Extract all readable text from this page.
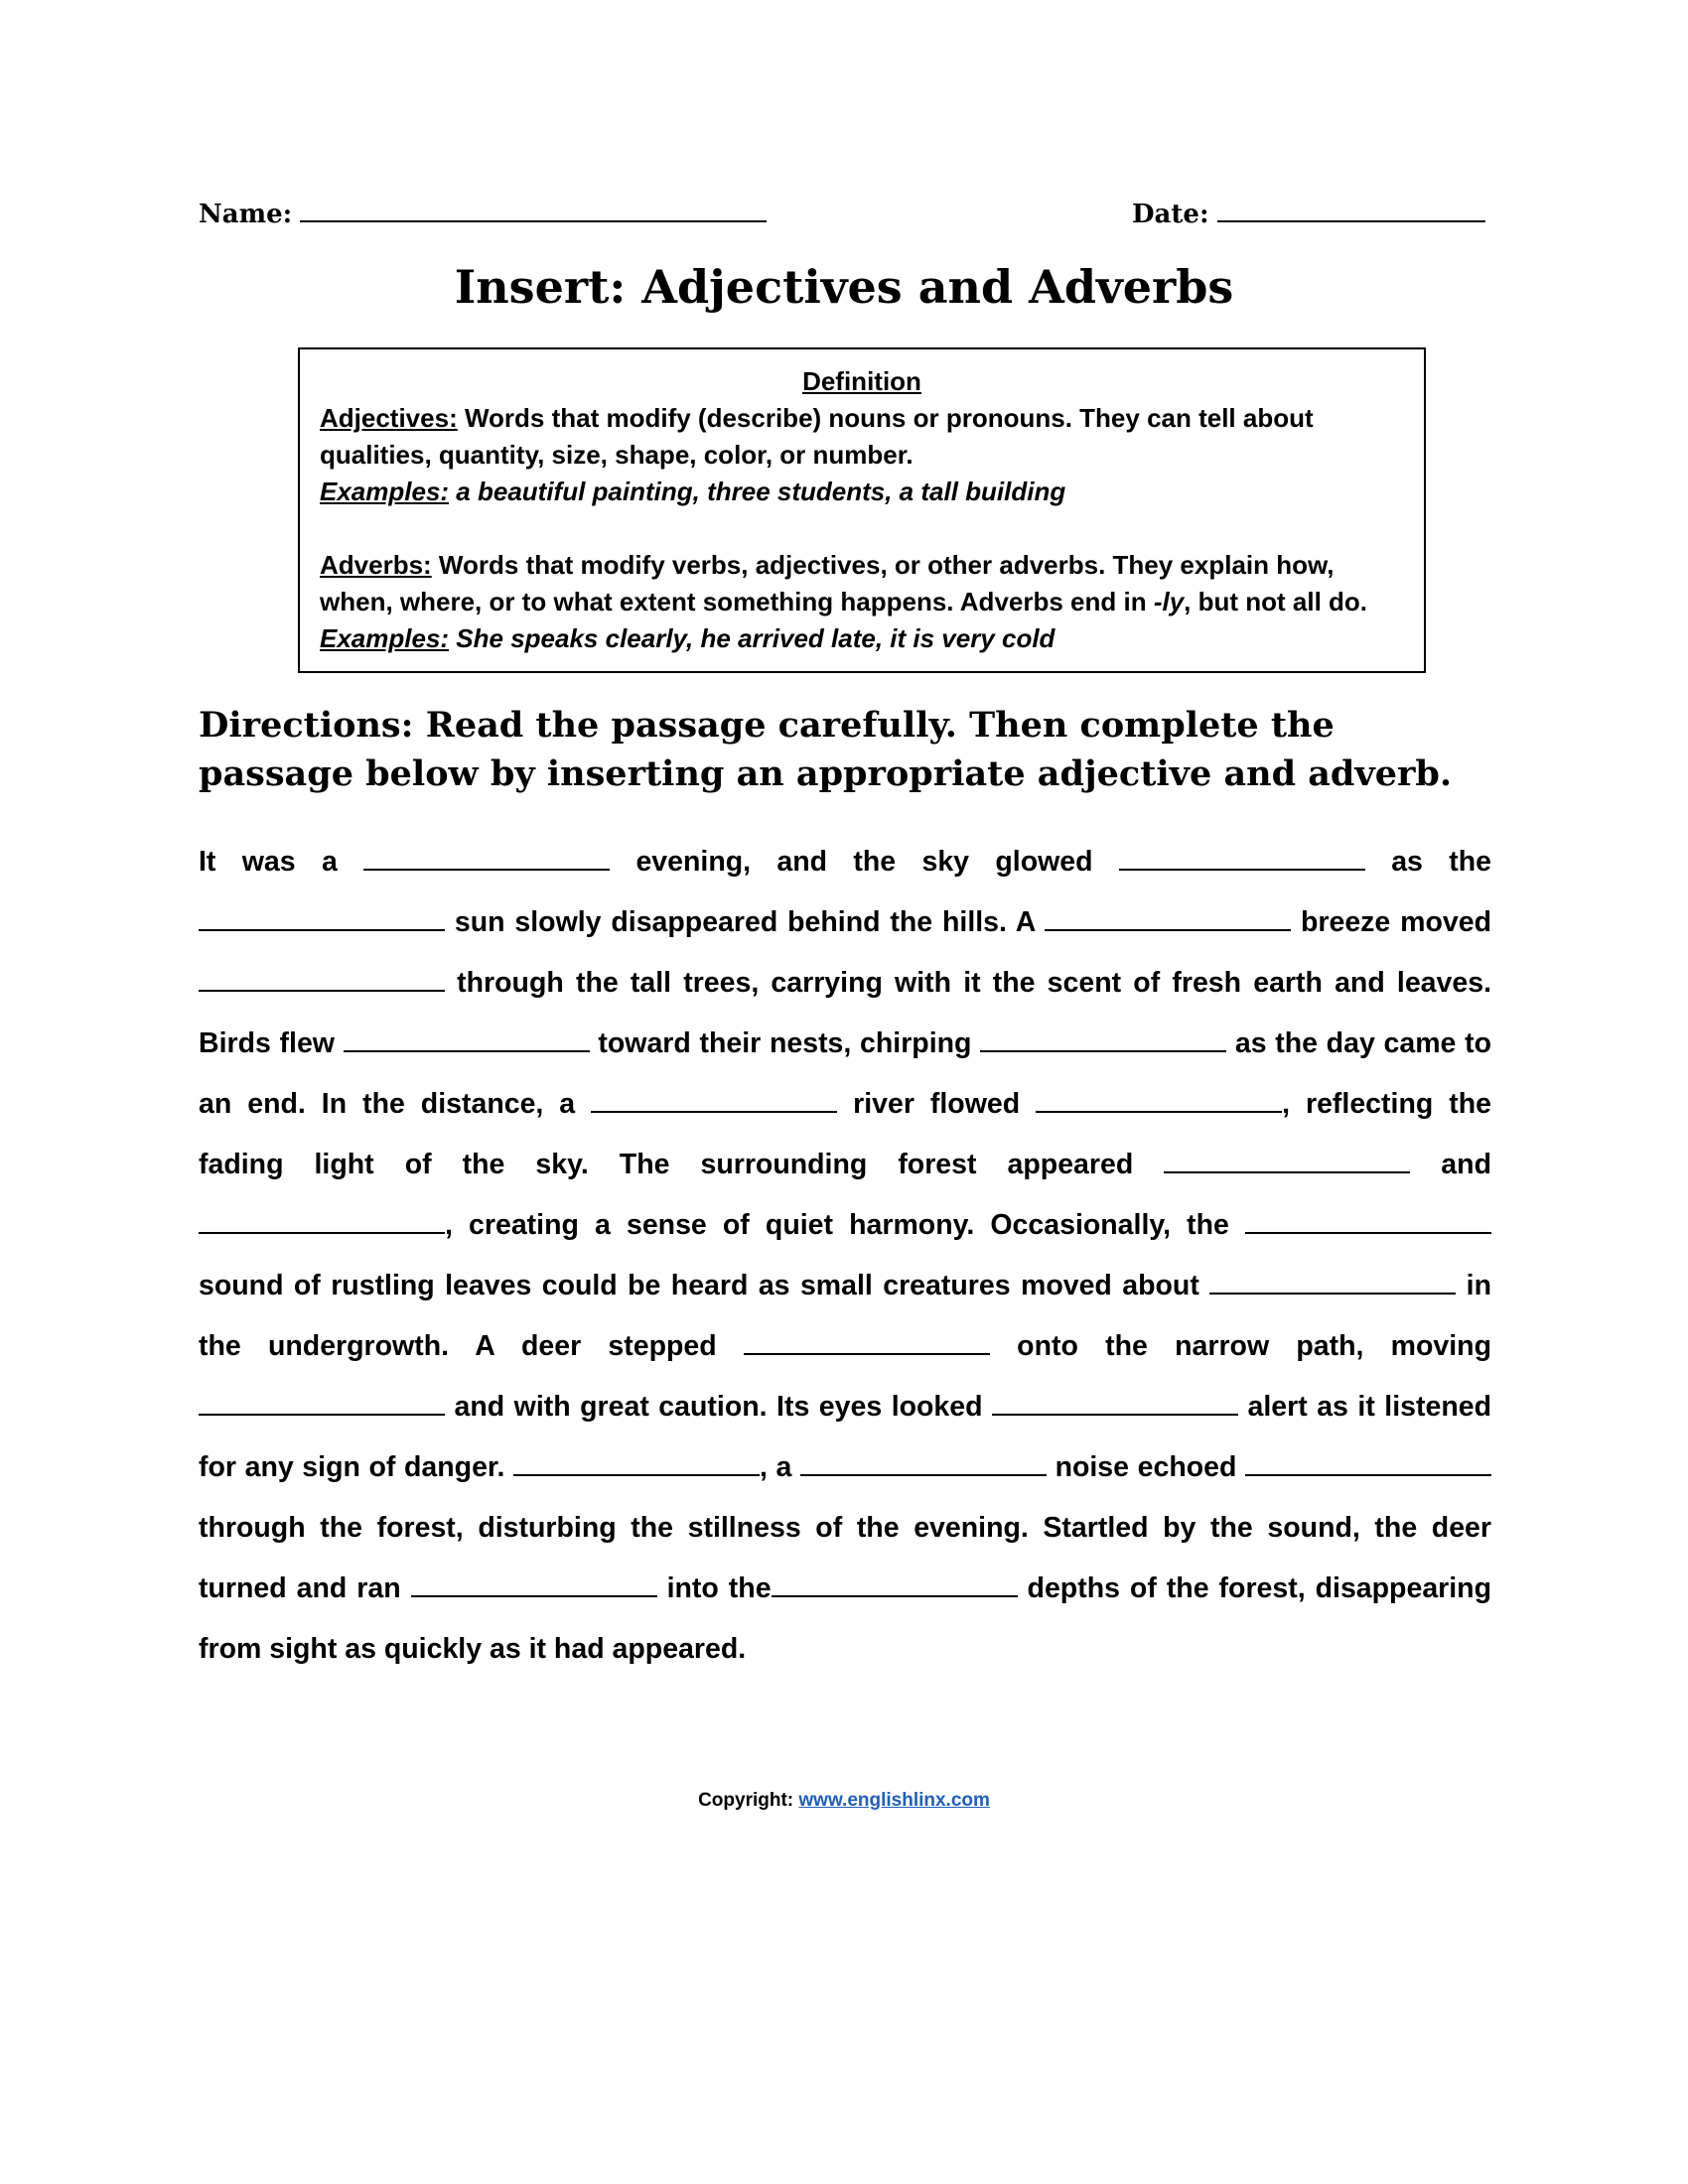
Name:	Date:
Insert: Adjectives and Adverbs
Definition
Adjectives: Words that modify (describe) nouns or pronouns. They can tell about qualities, quantity, size, shape, color, or number.
Examples: a beautiful painting, three students, a tall building
Adverbs: Words that modify verbs, adjectives, or other adverbs. They explain how, when, where, or to what extent something happens. Adverbs end in -ly, but not all do.
Examples: She speaks clearly, he arrived late, it is very cold
Directions: Read the passage carefully. Then complete the passage below by inserting an appropriate adjective and adverb.
It was a	evening, and the sky glowed	as the  sun slowly disappeared behind the hills. A	breeze moved  through the tall trees, carrying with it the scent of fresh earth and leaves. Birds flew	toward their nests, chirping	as the day came to an end. In the distance, a	river flowed	, reflecting the fading light of the sky. The surrounding forest appeared	and, creating a sense of quiet harmony. Occasionally, the  sound of rustling leaves could be heard as small creatures moved about	in the undergrowth. A deer stepped	onto the narrow path, moving  and with great caution. Its eyes looked	alert as it listened for any sign of danger.	, a	noise echoed  through the forest, disturbing the stillness of the evening. Startled by the sound, the deer turned and ran	into the	depths of the forest, disappearing from sight as quickly as it had appeared.
Copyright: www.englishlinx.com
